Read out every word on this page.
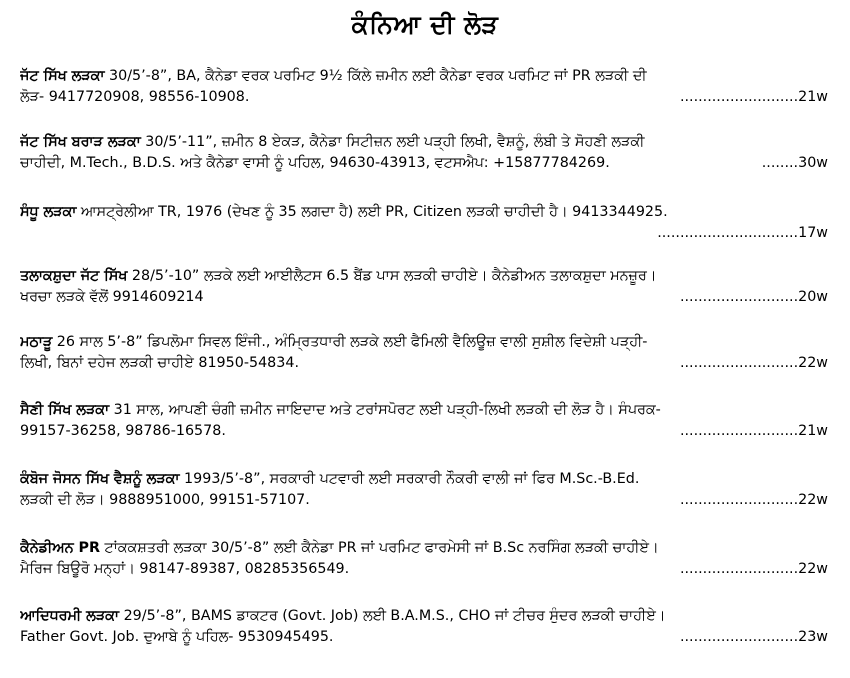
ਕੰਨਿਆ ਦੀ ਲੋੜ
ਜੱਟ ਸਿੱਖ ਲੜਕਾ 30/5’-8”, BA, ਕੈਨੇਡਾ ਵਰਕ ਪਰਮਿਟ 9½ ਕਿੱਲੇ ਜ਼ਮੀਨ ਲਈ ਕੈਨੇਡਾ ਵਰਕ ਪਰਮਿਟ ਜਾਂ PR ਲੜਕੀ ਦੀ
ਲੋੜ- 9417720908, 98556-10908.	..........................21w
ਜੱਟ ਸਿੱਖ ਬਰਾੜ ਲੜਕਾ 30/5’-11”, ਜ਼ਮੀਨ 8 ਏਕੜ, ਕੈਨੇਡਾ ਸਿਟੀਜ਼ਨ ਲਈ ਪੜ੍ਹੀ ਲਿਖੀ, ਵੈਸ਼ਨੂੰ, ਲੰਬੀ ਤੇ ਸੋਹਣੀ ਲੜਕੀ
ਚਾਹੀਦੀ, M.Tech., B.D.S. ਅਤੇ ਕੈਨੇਡਾ ਵਾਸੀ ਨੂੰ ਪਹਿਲ, 94630-43913, ਵਟਸਐਪ: +15877784269.	........30w
ਸੰਧੂ ਲੜਕਾ ਆਸਟ੍ਰੇਲੀਆ TR, 1976 (ਦੇਖਣ ਨੂੰ 35 ਲਗਦਾ ਹੈ) ਲਈ PR, Citizen ਲੜਕੀ ਚਾਹੀਦੀ ਹੈ। 9413344925.
...............................17w
ਤਲਾਕਸ਼ੁਦਾ ਜੱਟ ਸਿੱਖ 28/5’-10” ਲੜਕੇ ਲਈ ਆਈਲੈਟਸ 6.5 ਬੈਂਡ ਪਾਸ ਲੜਕੀ ਚਾਹੀਏ। ਕੈਨੇਡੀਅਨ ਤਲਾਕਸ਼ੁਦਾ ਮਨਜ਼ੂਰ।
ਖਰਚਾ ਲੜਕੇ ਵੱਲੋਂ 9914609214	..........................20w
ਮਠਾੜੂ 26 ਸਾਲ 5’-8” ਡਿਪਲੋਮਾ ਸਿਵਲ ਇੰਜੀ., ਅੰਮ੍ਰਿਤਧਾਰੀ ਲੜਕੇ ਲਈ ਫੈਮਿਲੀ ਵੈਲਿਊਜ਼ ਵਾਲੀ ਸੁਸ਼ੀਲ ਵਿਦੇਸ਼ੀ ਪੜ੍ਹੀ-
ਲਿਖੀ, ਬਿਨਾਂ ਦਹੇਜ ਲੜਕੀ ਚਾਹੀਏ 81950-54834.	..........................22w
ਸੈਣੀ ਸਿੱਖ ਲੜਕਾ 31 ਸਾਲ, ਆਪਣੀ ਚੰਗੀ ਜ਼ਮੀਨ ਜਾਇਦਾਦ ਅਤੇ ਟਰਾਂਸਪੋਰਟ ਲਈ ਪੜ੍ਹੀ-ਲਿਖੀ ਲੜਕੀ ਦੀ ਲੋੜ ਹੈ। ਸੰਪਰਕ-
99157-36258, 98786-16578.	..........................21w
ਕੰਬੋਜ ਜੋਸਨ ਸਿੱਖ ਵੈਸ਼ਨੂੰ ਲੜਕਾ 1993/5’-8”, ਸਰਕਾਰੀ ਪਟਵਾਰੀ ਲਈ ਸਰਕਾਰੀ ਨੌਕਰੀ ਵਾਲੀ ਜਾਂ ਫਿਰ M.Sc.-B.Ed.
ਲੜਕੀ ਦੀ ਲੋੜ। 9888951000, 99151-57107.	..........................22w
ਕੈਨੇਡੀਅਨ PR ਟਾਂਕਕਸ਼ਤਰੀ ਲੜਕਾ 30/5’-8” ਲਈ ਕੈਨੇਡਾ PR ਜਾਂ ਪਰਮਿਟ ਫਾਰਮੇਸੀ ਜਾਂ B.Sc ਨਰਸਿੰਗ ਲੜਕੀ ਚਾਹੀਏ।
ਮੈਰਿਜ ਬਿਊਰੋ ਮਨ੍ਹਾਂ। 98147-89387, 08285356549.	..........................22w
ਆਦਿਧਰਮੀ ਲੜਕਾ 29/5’-8”, BAMS ਡਾਕਟਰ (Govt. Job) ਲਈ B.A.M.S., CHO ਜਾਂ ਟੀਚਰ ਸੁੰਦਰ ਲੜਕੀ ਚਾਹੀਏ।
Father Govt. Job. ਦੁਆਬੇ ਨੂੰ ਪਹਿਲ- 9530945495.	..........................23w
